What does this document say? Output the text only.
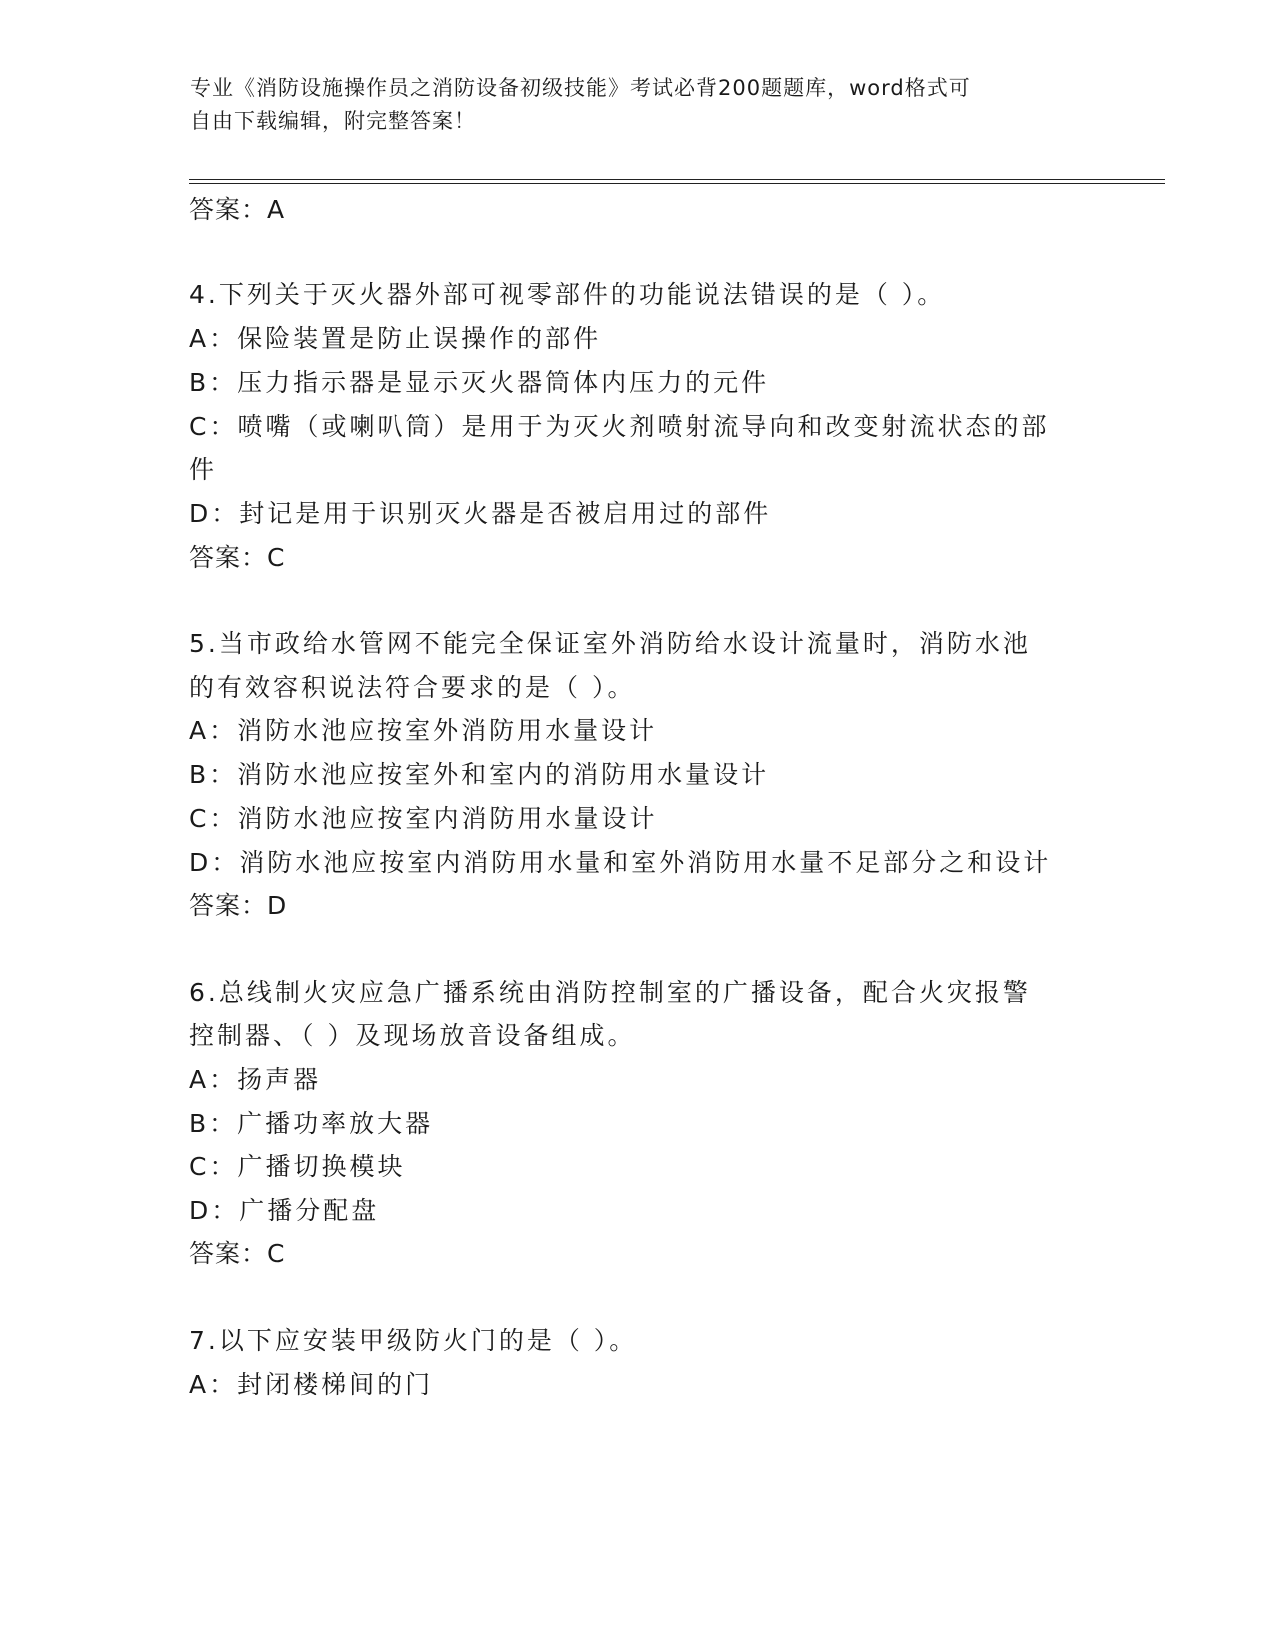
专业《消防设施操作员之消防设备初级技能》考试必背200题题库，word格式可
自由下载编辑，附完整答案！
答案：A
4.下列关于灭火器外部可视零部件的功能说法错误的是（ ）。
A：保险装置是防止误操作的部件
B：压力指示器是显示灭火器筒体内压力的元件
C：喷嘴（或喇叭筒）是用于为灭火剂喷射流导向和改变射流状态的部
件
D：封记是用于识别灭火器是否被启用过的部件
答案：C
5.当市政给水管网不能完全保证室外消防给水设计流量时，消防水池
的有效容积说法符合要求的是（ ）。
A：消防水池应按室外消防用水量设计
B：消防水池应按室外和室内的消防用水量设计
C：消防水池应按室内消防用水量设计
D：消防水池应按室内消防用水量和室外消防用水量不足部分之和设计
答案：D
6.总线制火灾应急广播系统由消防控制室的广播设备，配合火灾报警
控制器、（ ）及现场放音设备组成。
A：扬声器
B：广播功率放大器
C：广播切换模块
D：广播分配盘
答案：C
7.以下应安装甲级防火门的是（ ）。
A：封闭楼梯间的门
